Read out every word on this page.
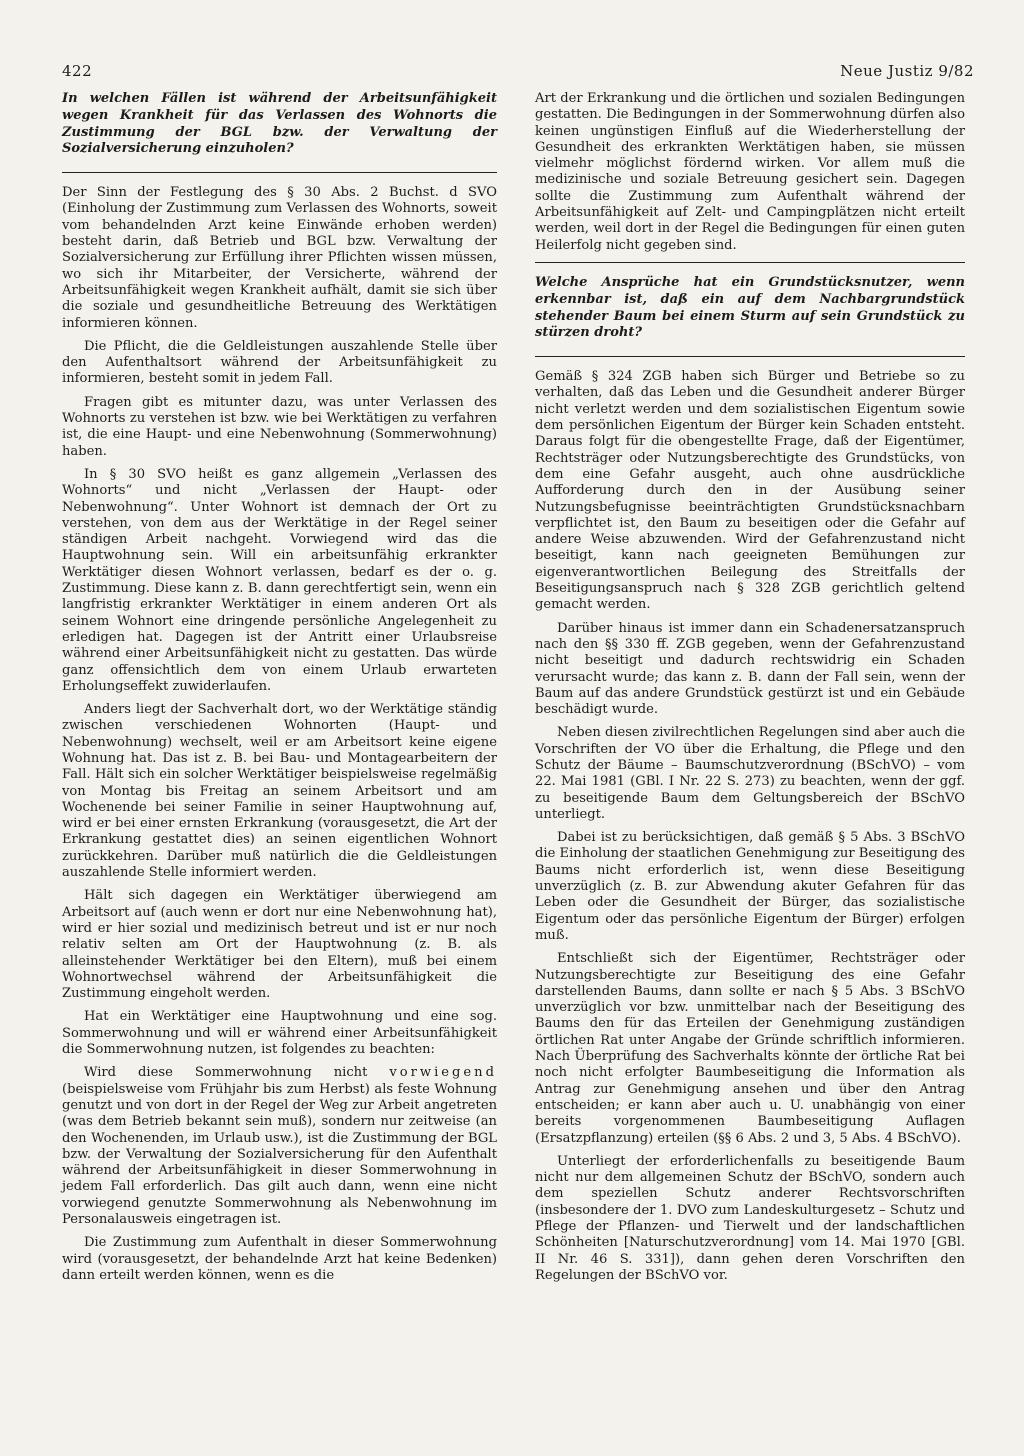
422	Neue Justiz 9/82

In welchen Fällen ist während der Arbeitsunfähigkeit wegen Krankheit für das Verlassen des Wohnorts die Zustimmung der BGL bzw. der Verwaltung der Sozialversicherung einzuholen?

Der Sinn der Festlegung des § 30 Abs. 2 Buchst. d SVO (Einholung der Zustimmung zum Verlassen des Wohnorts, soweit vom behandelnden Arzt keine Einwände erhoben werden) besteht darin, daß Betrieb und BGL bzw. Verwaltung der Sozialversicherung zur Erfüllung ihrer Pflichten wissen müssen, wo sich ihr Mitarbeiter, der Versicherte, während der Arbeitsunfähigkeit wegen Krankheit aufhält, damit sie sich über die soziale und gesundheitliche Betreuung des Werktätigen informieren können.

Die Pflicht, die die Geldleistungen auszahlende Stelle über den Aufenthaltsort während der Arbeitsunfähigkeit zu informieren, besteht somit in jedem Fall.

Fragen gibt es mitunter dazu, was unter Verlassen des Wohnorts zu verstehen ist bzw. wie bei Werktätigen zu verfahren ist, die eine Haupt- und eine Nebenwohnung (Sommerwohnung) haben.

In § 30 SVO heißt es ganz allgemein „Verlassen des Wohnorts“ und nicht „Verlassen der Haupt- oder Nebenwohnung“. Unter Wohnort ist demnach der Ort zu verstehen, von dem aus der Werktätige in der Regel seiner ständigen Arbeit nachgeht. Vorwiegend wird das die Hauptwohnung sein. Will ein arbeitsunfähig erkrankter Werktätiger diesen Wohnort verlassen, bedarf es der o. g. Zustimmung. Diese kann z. B. dann gerechtfertigt sein, wenn ein langfristig erkrankter Werktätiger in einem anderen Ort als seinem Wohnort eine dringende persönliche Angelegenheit zu erledigen hat. Dagegen ist der Antritt einer Urlaubsreise während einer Arbeitsunfähigkeit nicht zu gestatten. Das würde ganz offensichtlich dem von einem Urlaub erwarteten Erholungseffekt zuwiderlaufen.

Anders liegt der Sachverhalt dort, wo der Werktätige ständig zwischen verschiedenen Wohnorten (Haupt- und Nebenwohnung) wechselt, weil er am Arbeitsort keine eigene Wohnung hat. Das ist z. B. bei Bau- und Montagearbeitern der Fall. Hält sich ein solcher Werktätiger beispielsweise regelmäßig von Montag bis Freitag an seinem Arbeitsort und am Wochenende bei seiner Familie in seiner Hauptwohnung auf, wird er bei einer ernsten Erkrankung (vorausgesetzt, die Art der Erkrankung gestattet dies) an seinen eigentlichen Wohnort zurückkehren. Darüber muß natürlich die die Geldleistungen auszahlende Stelle informiert werden.

Hält sich dagegen ein Werktätiger überwiegend am Arbeitsort auf (auch wenn er dort nur eine Nebenwohnung hat), wird er hier sozial und medizinisch betreut und ist er nur noch relativ selten am Ort der Hauptwohnung (z. B. als alleinstehender Werktätiger bei den Eltern), muß bei einem Wohnortwechsel während der Arbeitsunfähigkeit die Zustimmung eingeholt werden.

Hat ein Werktätiger eine Hauptwohnung und eine sog. Sommerwohnung und will er während einer Arbeitsunfähigkeit die Sommerwohnung nutzen, ist folgendes zu beachten:

Wird diese Sommerwohnung nicht vorwiegend (beispielsweise vom Frühjahr bis zum Herbst) als feste Wohnung genutzt und von dort in der Regel der Weg zur Arbeit angetreten (was dem Betrieb bekannt sein muß), sondern nur zeitweise (an den Wochenenden, im Urlaub usw.), ist die Zustimmung der BGL bzw. der Verwaltung der Sozialversicherung für den Aufenthalt während der Arbeitsunfähigkeit in dieser Sommerwohnung in jedem Fall erforderlich. Das gilt auch dann, wenn eine nicht vorwiegend genutzte Sommerwohnung als Nebenwohnung im Personalausweis eingetragen ist.

Die Zustimmung zum Aufenthalt in dieser Sommerwohnung wird (vorausgesetzt, der behandelnde Arzt hat keine Bedenken) dann erteilt werden können, wenn es die

Art der Erkrankung und die örtlichen und sozialen Bedingungen gestatten. Die Bedingungen in der Sommerwohnung dürfen also keinen ungünstigen Einfluß auf die Wiederherstellung der Gesundheit des erkrankten Werktätigen haben, sie müssen vielmehr möglichst fördernd wirken. Vor allem muß die medizinische und soziale Betreuung gesichert sein. Dagegen sollte die Zustimmung zum Aufenthalt während der Arbeitsunfähigkeit auf Zelt- und Campingplätzen nicht erteilt werden, weil dort in der Regel die Bedingungen für einen guten Heilerfolg nicht gegeben sind.

Welche Ansprüche hat ein Grundstücksnutzer, wenn erkennbar ist, daß ein auf dem Nachbargrundstück stehender Baum bei einem Sturm auf sein Grundstück zu stürzen droht?

Gemäß § 324 ZGB haben sich Bürger und Betriebe so zu verhalten, daß das Leben und die Gesundheit anderer Bürger nicht verletzt werden und dem sozialistischen Eigentum sowie dem persönlichen Eigentum der Bürger kein Schaden entsteht. Daraus folgt für die obengestellte Frage, daß der Eigentümer, Rechtsträger oder Nutzungsberechtigte des Grundstücks, von dem eine Gefahr ausgeht, auch ohne ausdrückliche Aufforderung durch den in der Ausübung seiner Nutzungsbefugnisse beeinträchtigten Grundstücksnachbarn verpflichtet ist, den Baum zu beseitigen oder die Gefahr auf andere Weise abzuwenden. Wird der Gefahrenzustand nicht beseitigt, kann nach geeigneten Bemühungen zur eigenverantwortlichen Beilegung des Streitfalls der Beseitigungsanspruch nach § 328 ZGB gerichtlich geltend gemacht werden.

Darüber hinaus ist immer dann ein Schadenersatzanspruch nach den §§ 330 ff. ZGB gegeben, wenn der Gefahrenzustand nicht beseitigt und dadurch rechtswidrig ein Schaden verursacht wurde; das kann z. B. dann der Fall sein, wenn der Baum auf das andere Grundstück gestürzt ist und ein Gebäude beschädigt wurde.

Neben diesen zivilrechtlichen Regelungen sind aber auch die Vorschriften der VO über die Erhaltung, die Pflege und den Schutz der Bäume – Baumschutzverordnung (BSchVO) – vom 22. Mai 1981 (GBl. I Nr. 22 S. 273) zu beachten, wenn der ggf. zu beseitigende Baum dem Geltungsbereich der BSchVO unterliegt.

Dabei ist zu berücksichtigen, daß gemäß § 5 Abs. 3 BSchVO die Einholung der staatlichen Genehmigung zur Beseitigung des Baums nicht erforderlich ist, wenn diese Beseitigung unverzüglich (z. B. zur Abwendung akuter Gefahren für das Leben oder die Gesundheit der Bürger, das sozialistische Eigentum oder das persönliche Eigentum der Bürger) erfolgen muß.

Entschließt sich der Eigentümer, Rechtsträger oder Nutzungsberechtigte zur Beseitigung des eine Gefahr darstellenden Baums, dann sollte er nach § 5 Abs. 3 BSchVO unverzüglich vor bzw. unmittelbar nach der Beseitigung des Baums den für das Erteilen der Genehmigung zuständigen örtlichen Rat unter Angabe der Gründe schriftlich informieren. Nach Überprüfung des Sachverhalts könnte der örtliche Rat bei noch nicht erfolgter Baumbeseitigung die Information als Antrag zur Genehmigung ansehen und über den Antrag entscheiden; er kann aber auch u. U. unabhängig von einer bereits vorgenommenen Baumbeseitigung Auflagen (Ersatzpflanzung) erteilen (§§ 6 Abs. 2 und 3, 5 Abs. 4 BSchVO).

Unterliegt der erforderlichenfalls zu beseitigende Baum nicht nur dem allgemeinen Schutz der BSchVO, sondern auch dem speziellen Schutz anderer Rechtsvorschriften (insbesondere der 1. DVO zum Landeskulturgesetz – Schutz und Pflege der Pflanzen- und Tierwelt und der landschaftlichen Schönheiten [Naturschutzverordnung] vom 14. Mai 1970 [GBl. II Nr. 46 S. 331]), dann gehen deren Vorschriften den Regelungen der BSchVO vor.
